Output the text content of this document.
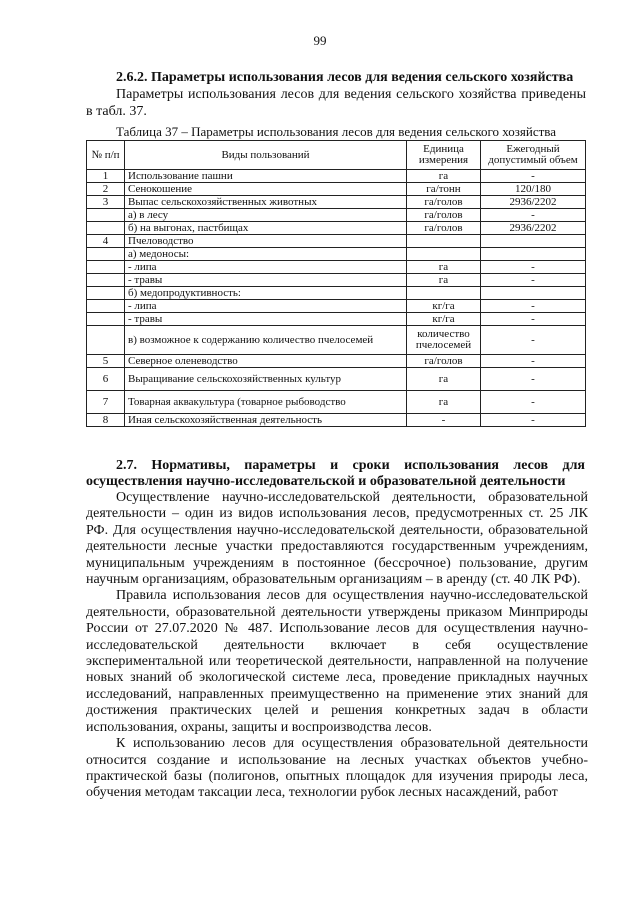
99
2.6.2. Параметры использования лесов для ведения сельского хозяйства
Параметры использования лесов для ведения сельского хозяйства приведены в табл. 37.
Таблица 37 – Параметры использования лесов для ведения сельского хозяйства
№ п/п	Виды пользований	Единица измерения	Ежегодный допустимый объем
1	Использование пашни	га	-
2	Сенокошение	га/тонн	120/180
3	Выпас сельскохозяйственных животных	га/голов	2936/2202
	а) в лесу	га/голов	-
	б) на выгонах, пастбищах	га/голов	2936/2202
4	Пчеловодство		
	а) медоносы:		
	- липа	га	-
	- травы	га	-
	б) медопродуктивность:		
	- липа	кг/га	-
	- травы	кг/га	-
	в) возможное к содержанию количество пчелосемей	количество пчелосемей	-
5	Северное оленеводство	га/голов	-
6	Выращивание сельскохозяйственных культур	га	-
7	Товарная аквакультура (товарное рыбоводство	га	-
8	Иная сельскохозяйственная деятельность	-	-
2.7. Нормативы, параметры и сроки использования лесов для осуществления научно-исследовательской и образовательной деятельности

Осуществление научно-исследовательской деятельности, образовательной деятельности – один из видов использования лесов, предусмотренных ст. 25 ЛК РФ. Для осуществления научно-исследовательской деятельности, образовательной деятельности лесные участки предоставляются государственным учреждениям, муниципальным учреждениям в постоянное (бессрочное) пользование, другим научным организациям, образовательным организациям – в аренду (ст. 40 ЛК РФ).

Правила использования лесов для осуществления научно-исследовательской деятельности, образовательной деятельности утверждены приказом Минприроды России от 27.07.2020 № 487. Использование лесов для осуществления научно-исследовательской деятельности включает в себя осуществление экспериментальной или теоретической деятельности, направленной на получение новых знаний об экологической системе леса, проведение прикладных научных исследований, направленных преимущественно на применение этих знаний для достижения практических целей и решения конкретных задач в области использования, охраны, защиты и воспроизводства лесов.

К использованию лесов для осуществления образовательной деятельности относится создание и использование на лесных участках объектов учебно-практической базы (полигонов, опытных площадок для изучения природы леса, обучения методам таксации леса, технологии рубок лесных насаждений, работ
